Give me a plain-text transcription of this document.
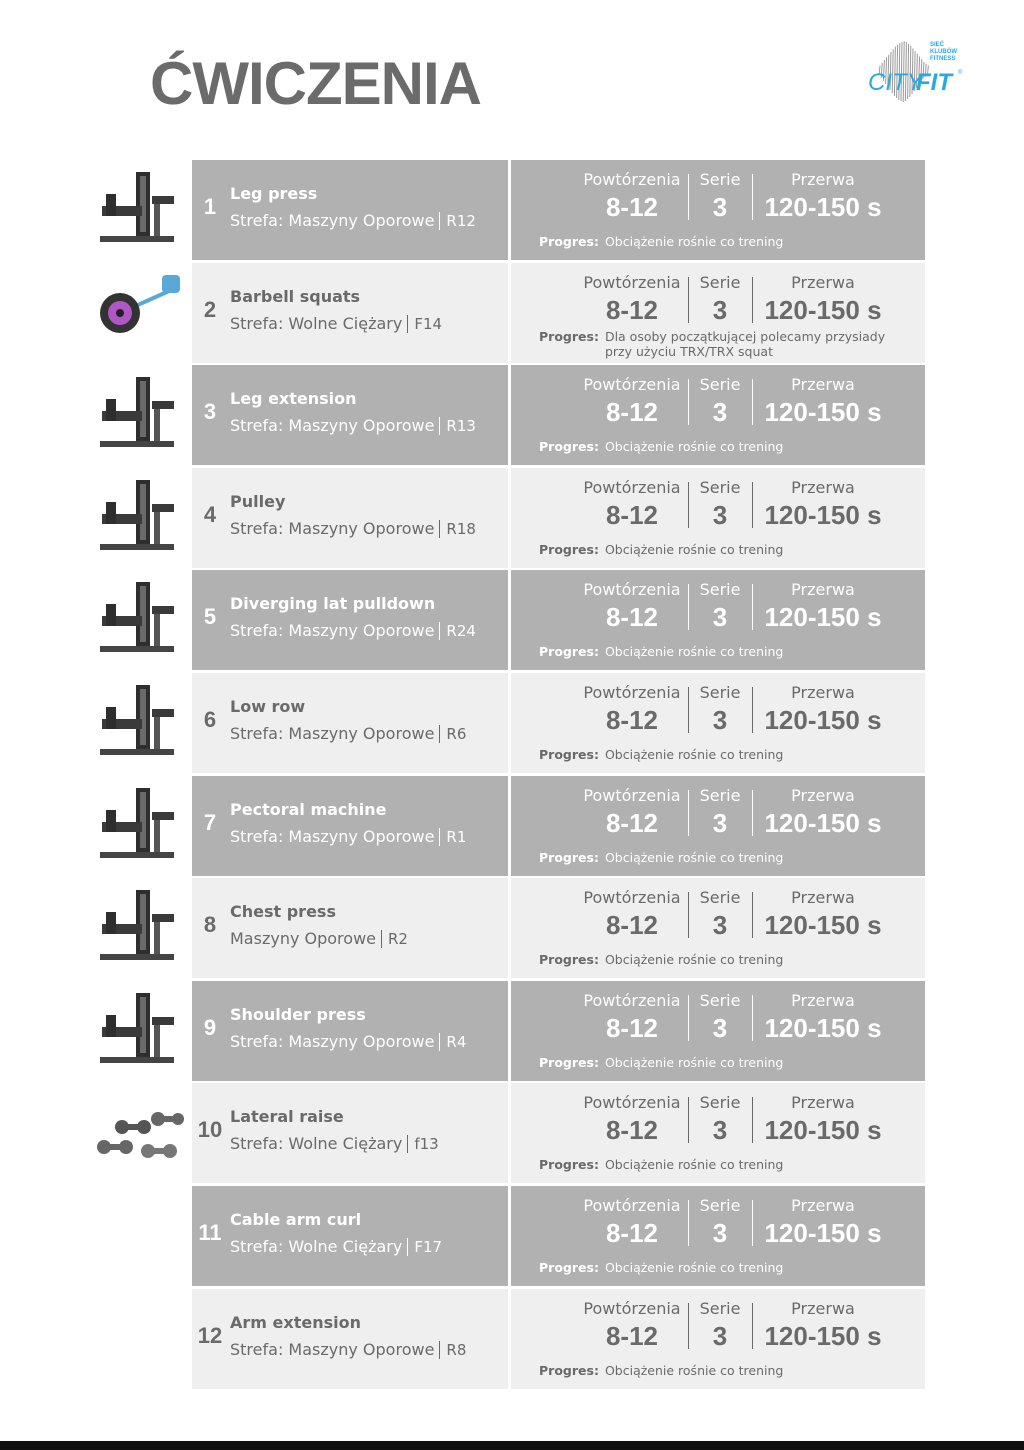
ĆWICZENIA
SIEĆ
KLUBÓW
FITNESS
CITY
FIT	®
1
Leg press
Strefa: Maszyny Oporowe R12
Powtórzenia
8-12
Serie
3
Przerwa
120-150 s
Progres: Obciążenie rośnie co trening
2
Barbell squats
Strefa: Wolne Ciężary F14
Powtórzenia
8-12
Serie
3
Przerwa
120-150 s
Progres: Dla osoby początkującej polecamy przysiady przy użyciu TRX/TRX squat
3
Leg extension
Strefa: Maszyny Oporowe R13
Powtórzenia
8-12
Serie
3
Przerwa
120-150 s
Progres: Obciążenie rośnie co trening
4
Pulley
Strefa: Maszyny Oporowe R18
Powtórzenia
8-12
Serie
3
Przerwa
120-150 s
Progres: Obciążenie rośnie co trening
5
Diverging lat pulldown
Strefa: Maszyny Oporowe R24
Powtórzenia
8-12
Serie
3
Przerwa
120-150 s
Progres: Obciążenie rośnie co trening
6
Low row
Strefa: Maszyny Oporowe R6
Powtórzenia
8-12
Serie
3
Przerwa
120-150 s
Progres: Obciążenie rośnie co trening
7
Pectoral machine
Strefa: Maszyny Oporowe R1
Powtórzenia
8-12
Serie
3
Przerwa
120-150 s
Progres: Obciążenie rośnie co trening
8
Chest press
Maszyny Oporowe R2
Powtórzenia
8-12
Serie
3
Przerwa
120-150 s
Progres: Obciążenie rośnie co trening
9
Shoulder press
Strefa: Maszyny Oporowe R4
Powtórzenia
8-12
Serie
3
Przerwa
120-150 s
Progres: Obciążenie rośnie co trening
10
Lateral raise
Strefa: Wolne Ciężary f13
Powtórzenia
8-12
Serie
3
Przerwa
120-150 s
Progres: Obciążenie rośnie co trening
11
Cable arm curl
Strefa: Wolne Ciężary F17
Powtórzenia
8-12
Serie
3
Przerwa
120-150 s
Progres: Obciążenie rośnie co trening
12
Arm extension
Strefa: Maszyny Oporowe R8
Powtórzenia
8-12
Serie
3
Przerwa
120-150 s
Progres: Obciążenie rośnie co trening
